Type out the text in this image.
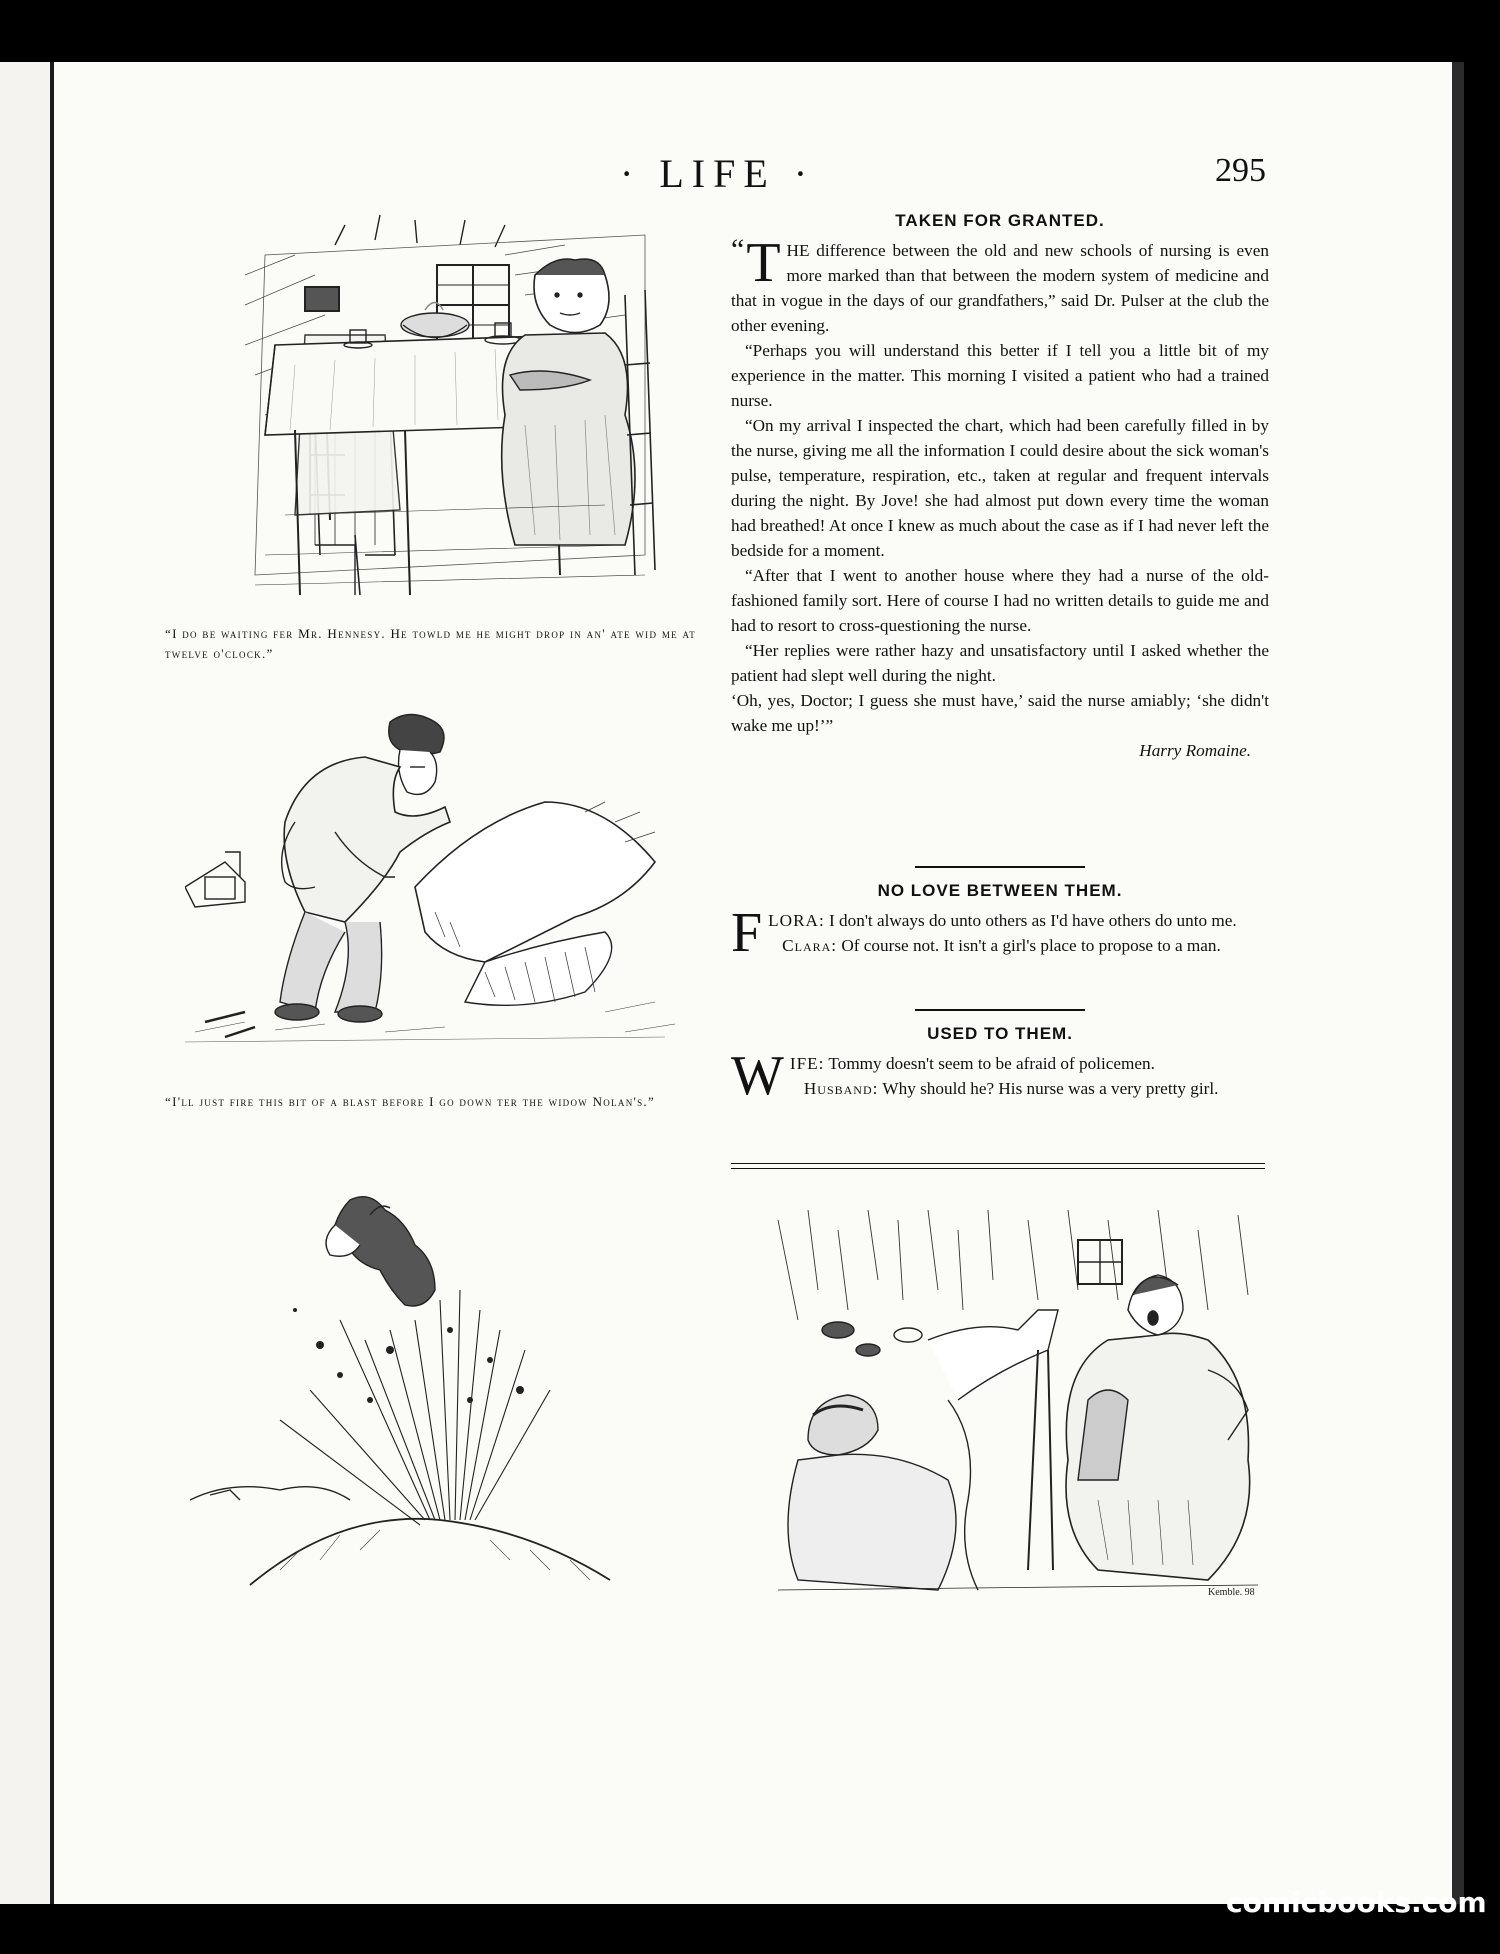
· LIFE ·	295
“I do be waiting fer Mr. Hennesy. He towld me he might drop in an' ate wid me at twelve o'clock.”
“I'll just fire this bit of a blast before I go down ter the widow Nolan's.”
Kemble. 98
TAKEN FOR GRANTED.

“ T HE difference between the old and new schools of nursing is even more marked than that between the modern system of medicine and that in vogue in the days of our grandfathers,” said Dr. Pulser at the club the other evening.

“Perhaps you will understand this better if I tell you a little bit of my experience in the matter. This morning I visited a patient who had a trained nurse.

“On my arrival I inspected the chart, which had been carefully filled in by the nurse, giving me all the information I could desire about the sick woman's pulse, temperature, respiration, etc., taken at regular and frequent intervals during the night. By Jove! she had almost put down every time the woman had breathed! At once I knew as much about the case as if I had never left the bedside for a moment.

“After that I went to another house where they had a nurse of the old-fashioned family sort. Here of course I had no written details to guide me and had to resort to cross-questioning the nurse.

“Her replies were rather hazy and unsatisfactory until I asked whether the patient had slept well during the night.

‘Oh, yes, Doctor; I guess she must have,’ said the nurse amiably; ‘she didn't wake me up!’”

Harry Romaine.
NO LOVE BETWEEN THEM.

FLORA: I don't always do unto others as I'd have others do unto me.

Clara: Of course not. It isn't a girl's place to propose to a man.

USED TO THEM.

WIFE: Tommy doesn't seem to be afraid of policemen.

Husband: Why should he? His nurse was a very pretty girl.

comicbooks.com
